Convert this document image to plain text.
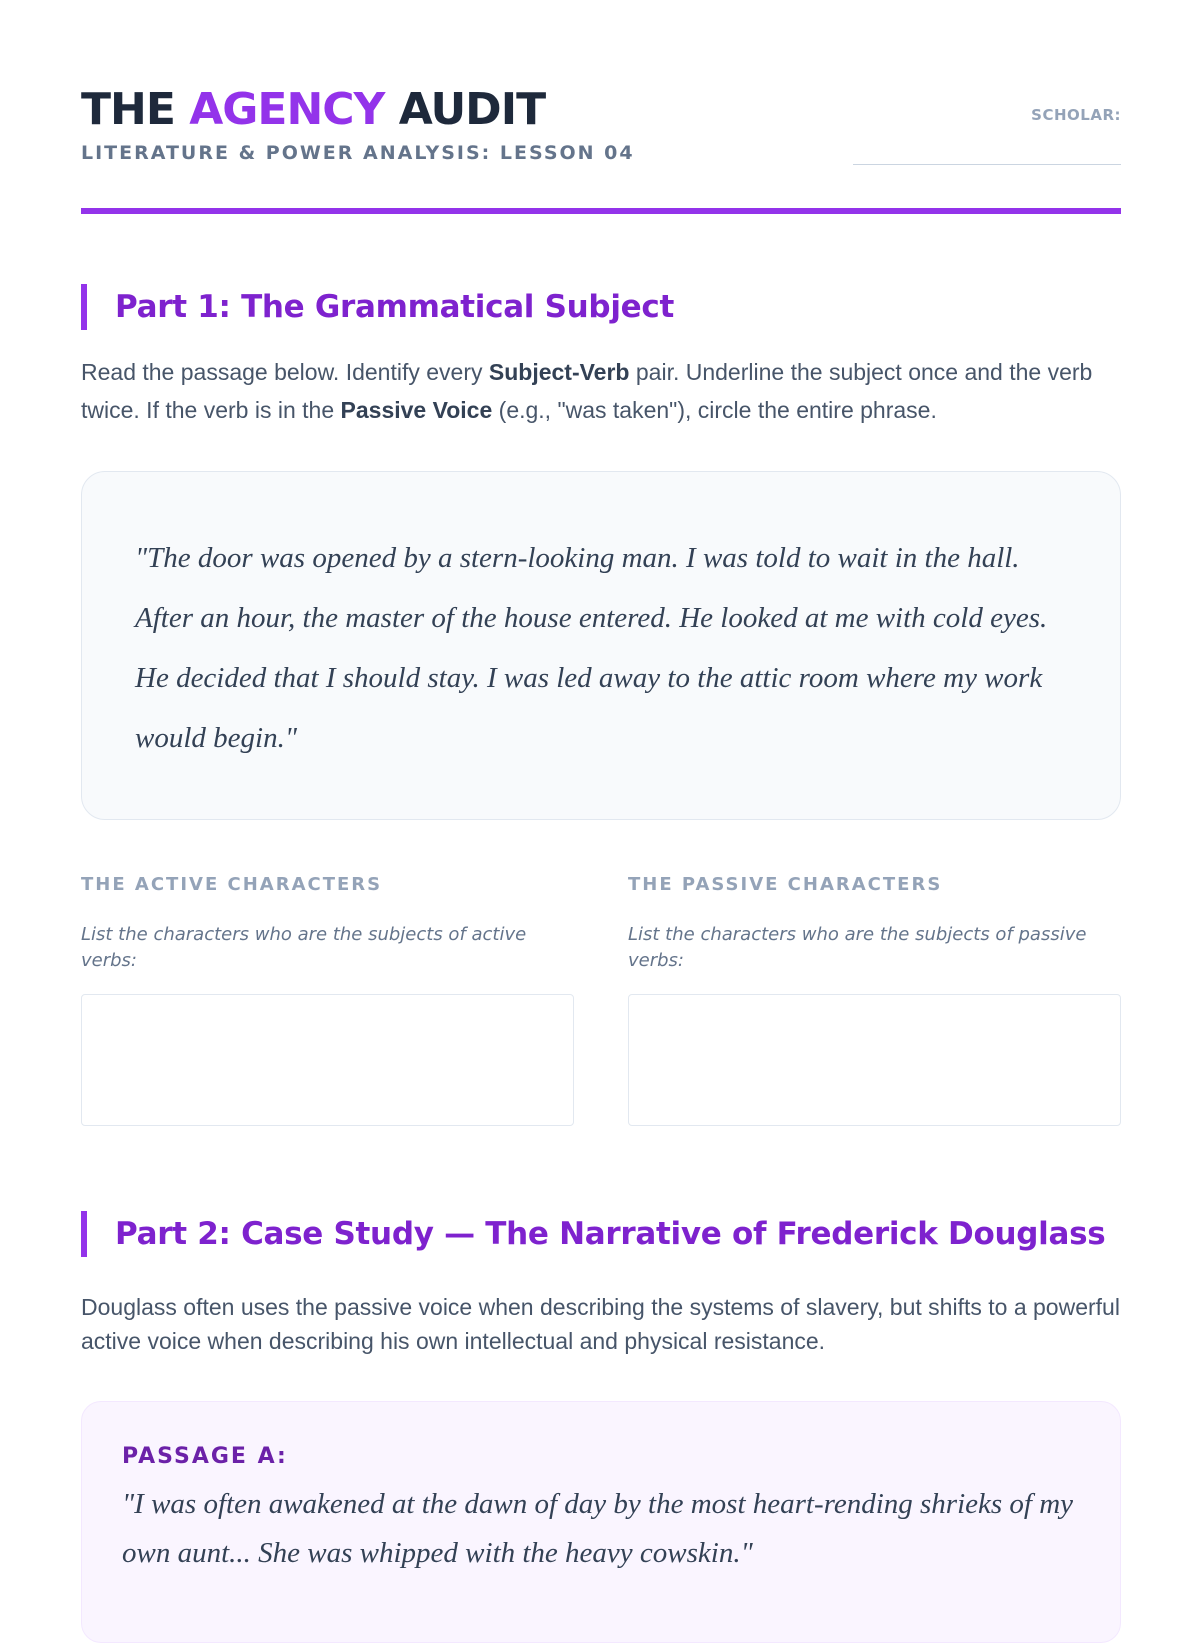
THE AGENCY AUDIT

LITERATURE & POWER ANALYSIS: LESSON 04

SCHOLAR:
Part 1: The Grammatical Subject

Read the passage below. Identify every Subject-Verb pair. Underline the subject once and the verb twice. If the verb is in the Passive Voice (e.g., "was taken"), circle the entire phrase.

"The door was opened by a stern-looking man. I was told to wait in the hall. After an hour, the master of the house entered. He looked at me with cold eyes. He decided that I should stay. I was led away to the attic room where my work would begin."

THE ACTIVE CHARACTERS

List the characters who are the subjects of active verbs:

THE PASSIVE CHARACTERS

List the characters who are the subjects of passive verbs:

Part 2: Case Study — The Narrative of Frederick Douglass

Douglass often uses the passive voice when describing the systems of slavery, but shifts to a powerful active voice when describing his own intellectual and physical resistance.

PASSAGE A:

"I was often awakened at the dawn of day by the most heart-rending shrieks of my own aunt... She was whipped with the heavy cowskin."
